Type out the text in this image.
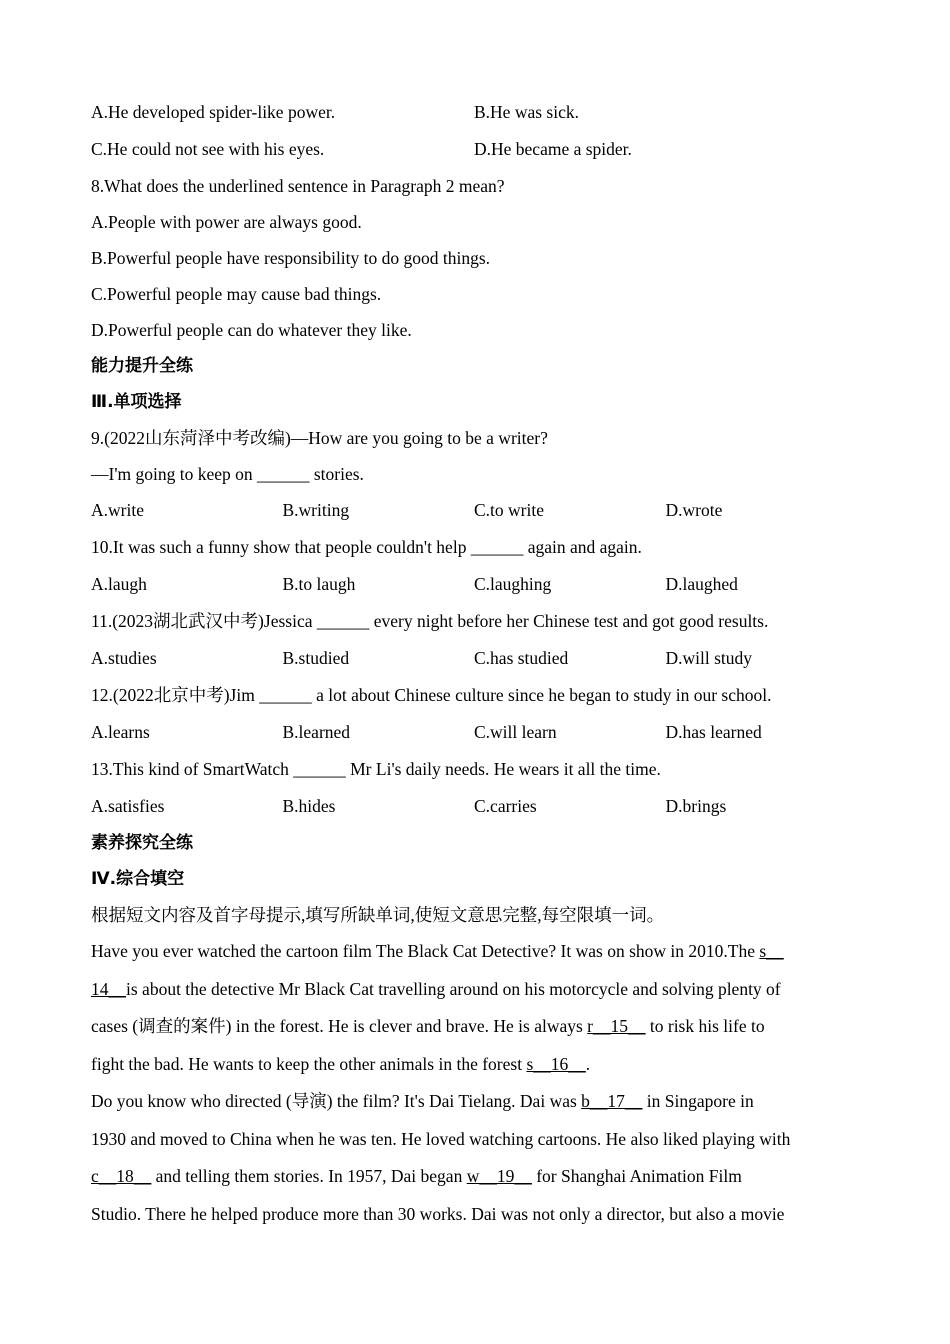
A.He developed spider-like power.	B.He was sick.
C.He could not see with his eyes.	D.He became a spider.
8.What does the underlined sentence in Paragraph 2 mean?
A.People with power are always good.
B.Powerful people have responsibility to do good things.
C.Powerful people may cause bad things.
D.Powerful people can do whatever they like.
能力提升全练
Ⅲ.单项选择
9.(2022山东菏泽中考改编)—How are you going to be a writer?
—I'm going to keep on ______ stories.
A.write	B.writing	C.to write	D.wrote
10.It was such a funny show that people couldn't help ______ again and again.
A.laugh	B.to laugh	C.laughing	D.laughed
11.(2023湖北武汉中考)Jessica ______ every night before her Chinese test and got good results.
A.studies	B.studied	C.has studied	D.will study
12.(2022北京中考)Jim ______ a lot about Chinese culture since he began to study in our school.
A.learns	B.learned	C.will learn	D.has learned
13.This kind of SmartWatch ______ Mr Li's daily needs. He wears it all the time.
A.satisfies	B.hides	C.carries	D.brings
素养探究全练
Ⅳ.综合填空
根据短文内容及首字母提示,填写所缺单词,使短文意思完整,每空限填一词。
Have you ever watched the cartoon film The Black Cat Detective? It was on show in 2010.The s__
14__is about the detective Mr Black Cat travelling around on his motorcycle and solving plenty of
cases (调查的案件) in the forest. He is clever and brave. He is always r__15__ to risk his life to
fight the bad. He wants to keep the other animals in the forest s__16__.
Do you know who directed (导演) the film? It's Dai Tielang. Dai was b__17__ in Singapore in
1930 and moved to China when he was ten. He loved watching cartoons. He also liked playing with
c__18__ and telling them stories. In 1957, Dai began w__19__ for Shanghai Animation Film
Studio. There he helped produce more than 30 works. Dai was not only a director, but also a movie
